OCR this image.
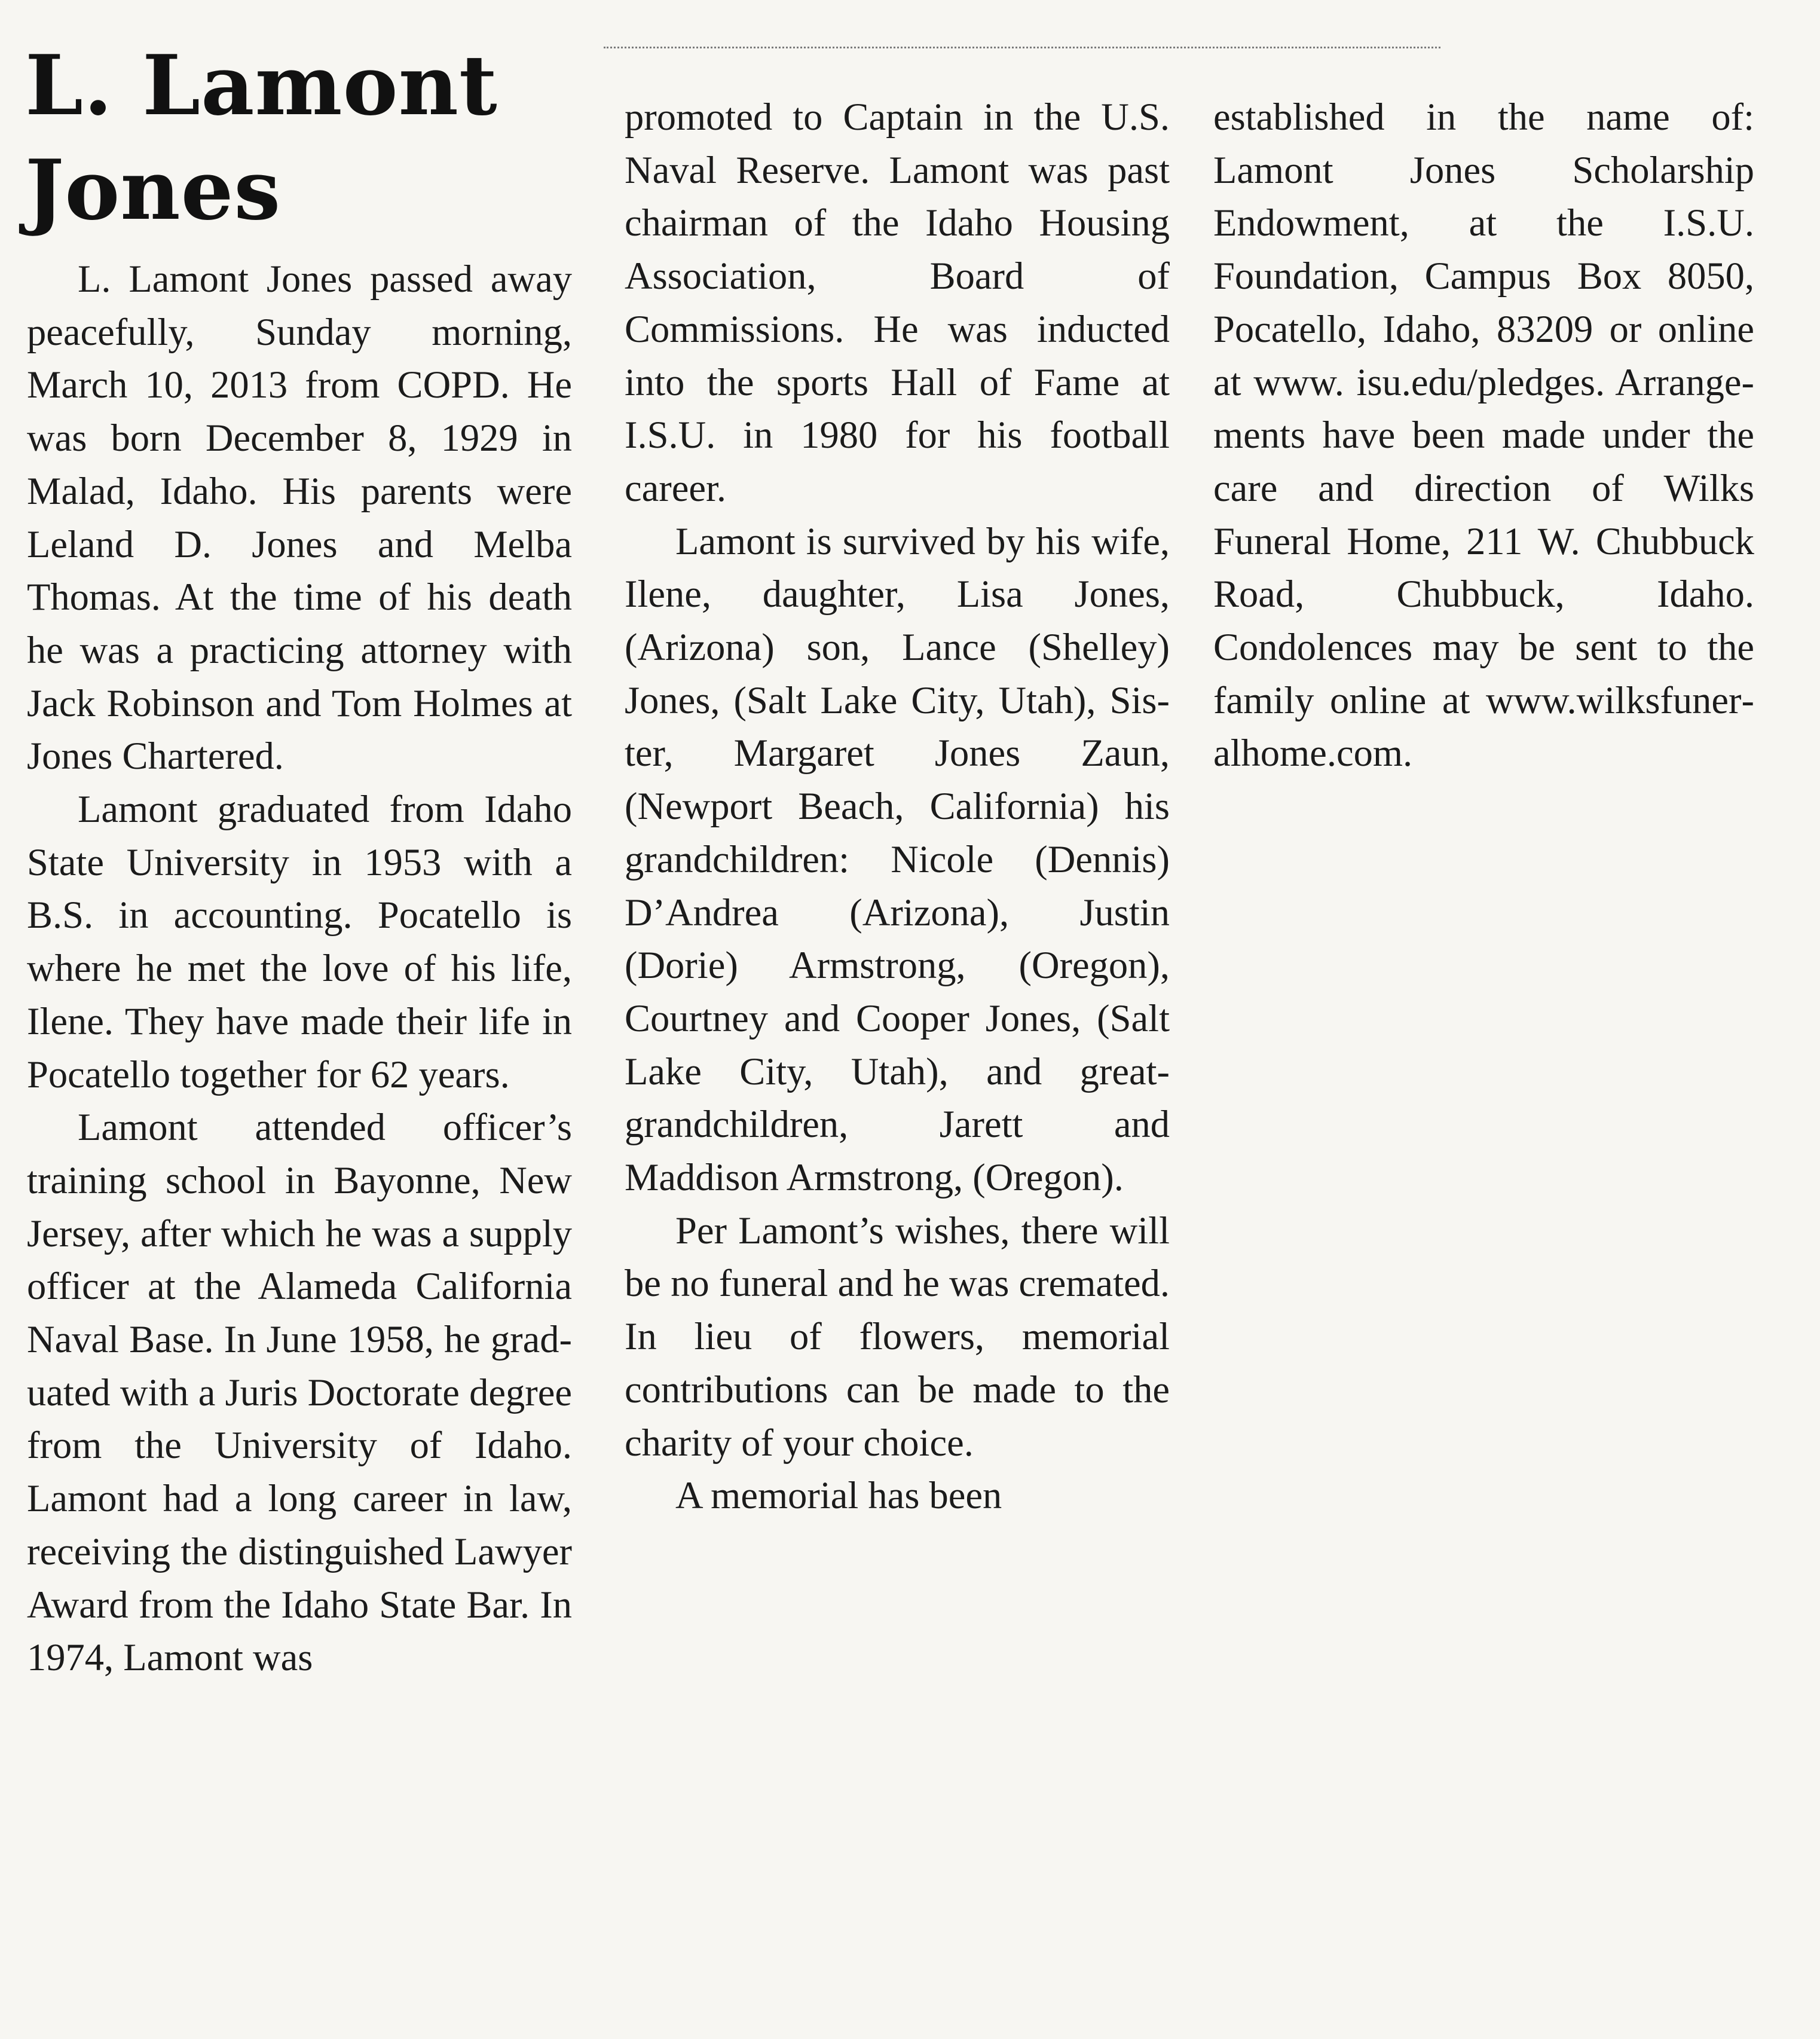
L. Lamont
Jones

L. Lamont Jones passed away peacefully, Sunday morning, March 10, 2013 from COPD. He was born December 8, 1929 in Malad, Idaho. His parents were Leland D. Jones and Melba Thomas. At the time of his death he was a practicing attorney with Jack Robinson and Tom Holmes at Jones Chartered.

Lamont graduated from Idaho State University in 1953 with a B.S. in accounting. Pocatello is where he met the love of his life, Ilene. They have made their life in Pocatello together for 62 years.

Lamont attended officer’s training school in Bayonne, New Jersey, after which he was a supply officer at the Alameda California Naval Base. In June 1958, he graduated with a Juris Doctorate degree from the University of Idaho. Lamont had a long career in law, receiving the distinguished Lawyer Award from the Idaho State Bar. In 1974, Lamont was

promoted to Captain in the U.S. Naval Reserve. Lamont was past chairman of the Idaho Housing Association, Board of Commissions. He was inducted into the sports Hall of Fame at I.S.U. in 1980 for his football career.

Lamont is survived by his wife, Ilene, daughter, Lisa Jones, (Arizona) son, Lance (Shelley) Jones, (Salt Lake City, Utah), Sister, Margaret Jones Zaun, (Newport Beach, California) his grandchildren: Nicole (Dennis) D’Andrea (Arizona), Justin (Dorie) Armstrong, (Oregon), Courtney and Cooper Jones, (Salt Lake City, Utah), and great-grandchildren, Jarett and Maddison Armstrong, (Oregon).

Per Lamont’s wishes, there will be no funeral and he was cremated. In lieu of flowers, memorial contributions can be made to the charity of your choice.

A memorial has been

established in the name of: Lamont Jones Scholarship Endowment, at the I.S.U. Foundation, Campus Box 8050, Pocatello, Idaho, 83209 or online at www. isu.edu/pledges. Arrangements have been made under the care and direction of Wilks Funeral Home, 211 W. Chubbuck Road, Chubbuck, Idaho. Condolences may be sent to the family online at www.wilksfuneralhome.com.
